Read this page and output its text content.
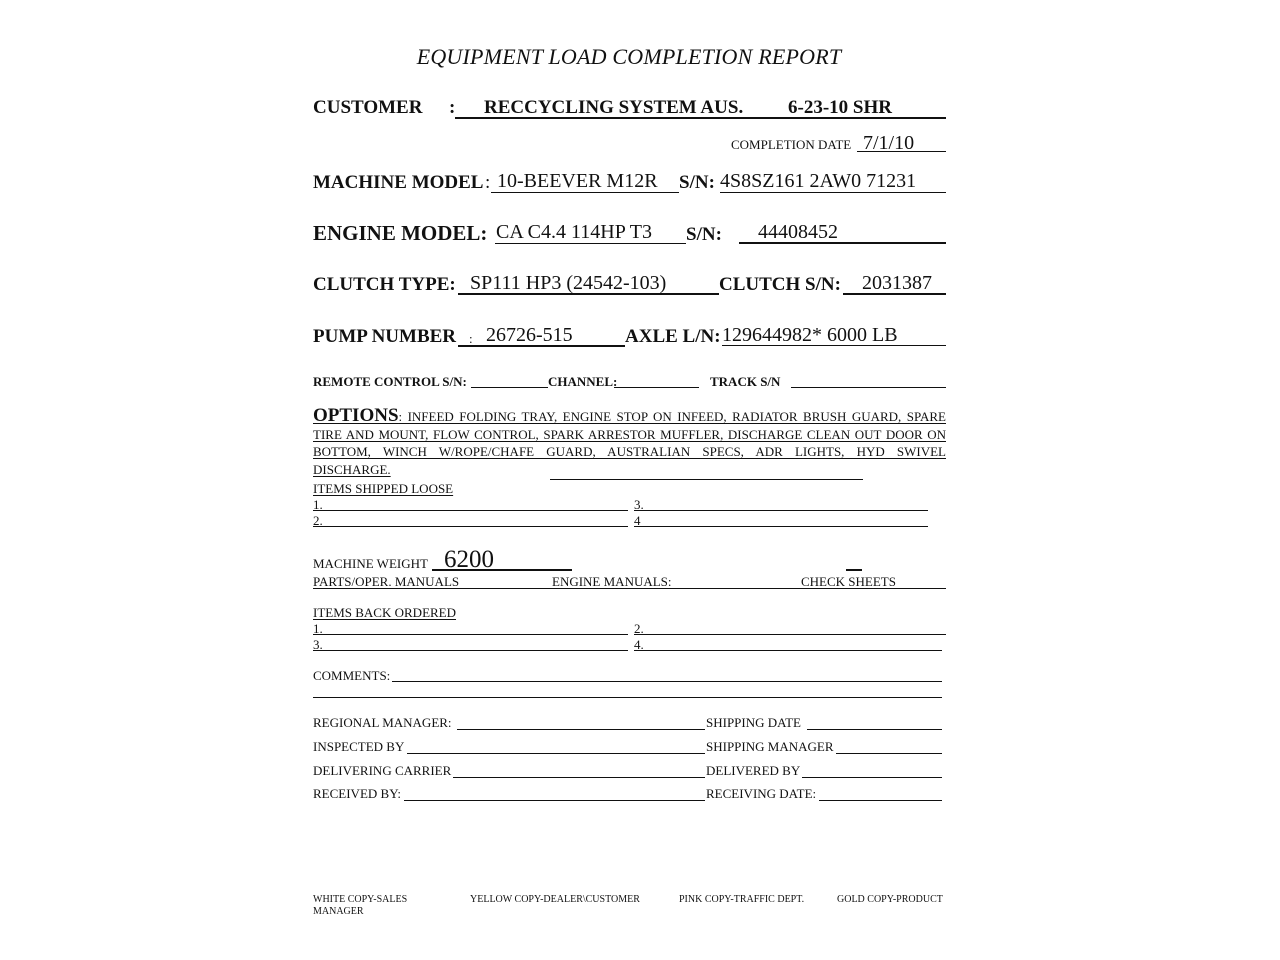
EQUIPMENT LOAD COMPLETION REPORT
CUSTOMER : RECCYCLING SYSTEM AUS. 6-23-10 SHR
COMPLETION DATE 7/1/10
MACHINE MODEL : 10-BEEVER M12R S/N: 4S8SZ161 2AW0 71231
ENGINE MODEL: CA C4.4 114HP T3 S/N: 44408452
CLUTCH TYPE: SP111 HP3 (24542-103)	CLUTCH S/N: 2031387
PUMP NUMBER : 26726-515	AXLE L/N: 129644982* 6000 LB
REMOTE CONTROL S/N:	CHANNEL:	TRACK S/N
OPTIONS: INFEED FOLDING TRAY, ENGINE STOP ON INFEED, RADIATOR BRUSH GUARD, SPARE TIRE AND MOUNT, FLOW CONTROL, SPARK ARRESTOR MUFFLER, DISCHARGE CLEAN OUT DOOR ON BOTTOM, WINCH W/ROPE/CHAFE GUARD, AUSTRALIAN SPECS, ADR LIGHTS, HYD SWIVEL DISCHARGE.
ITEMS SHIPPED LOOSE
1.	3.
2.	4
MACHINE WEIGHT 6200
PARTS/OPER. MANUALS	ENGINE MANUALS:	CHECK SHEETS
ITEMS BACK ORDERED
1.	2.
3.	4.
COMMENTS:
REGIONAL MANAGER:	SHIPPING DATE
INSPECTED BY	SHIPPING MANAGER
DELIVERING CARRIER	DELIVERED BY
RECEIVED BY:	RECEIVING DATE:
WHITE COPY-SALES
MANAGER
YELLOW COPY-DEALER\CUSTOMER	PINK COPY-TRAFFIC DEPT.	GOLD COPY-PRODUCT
